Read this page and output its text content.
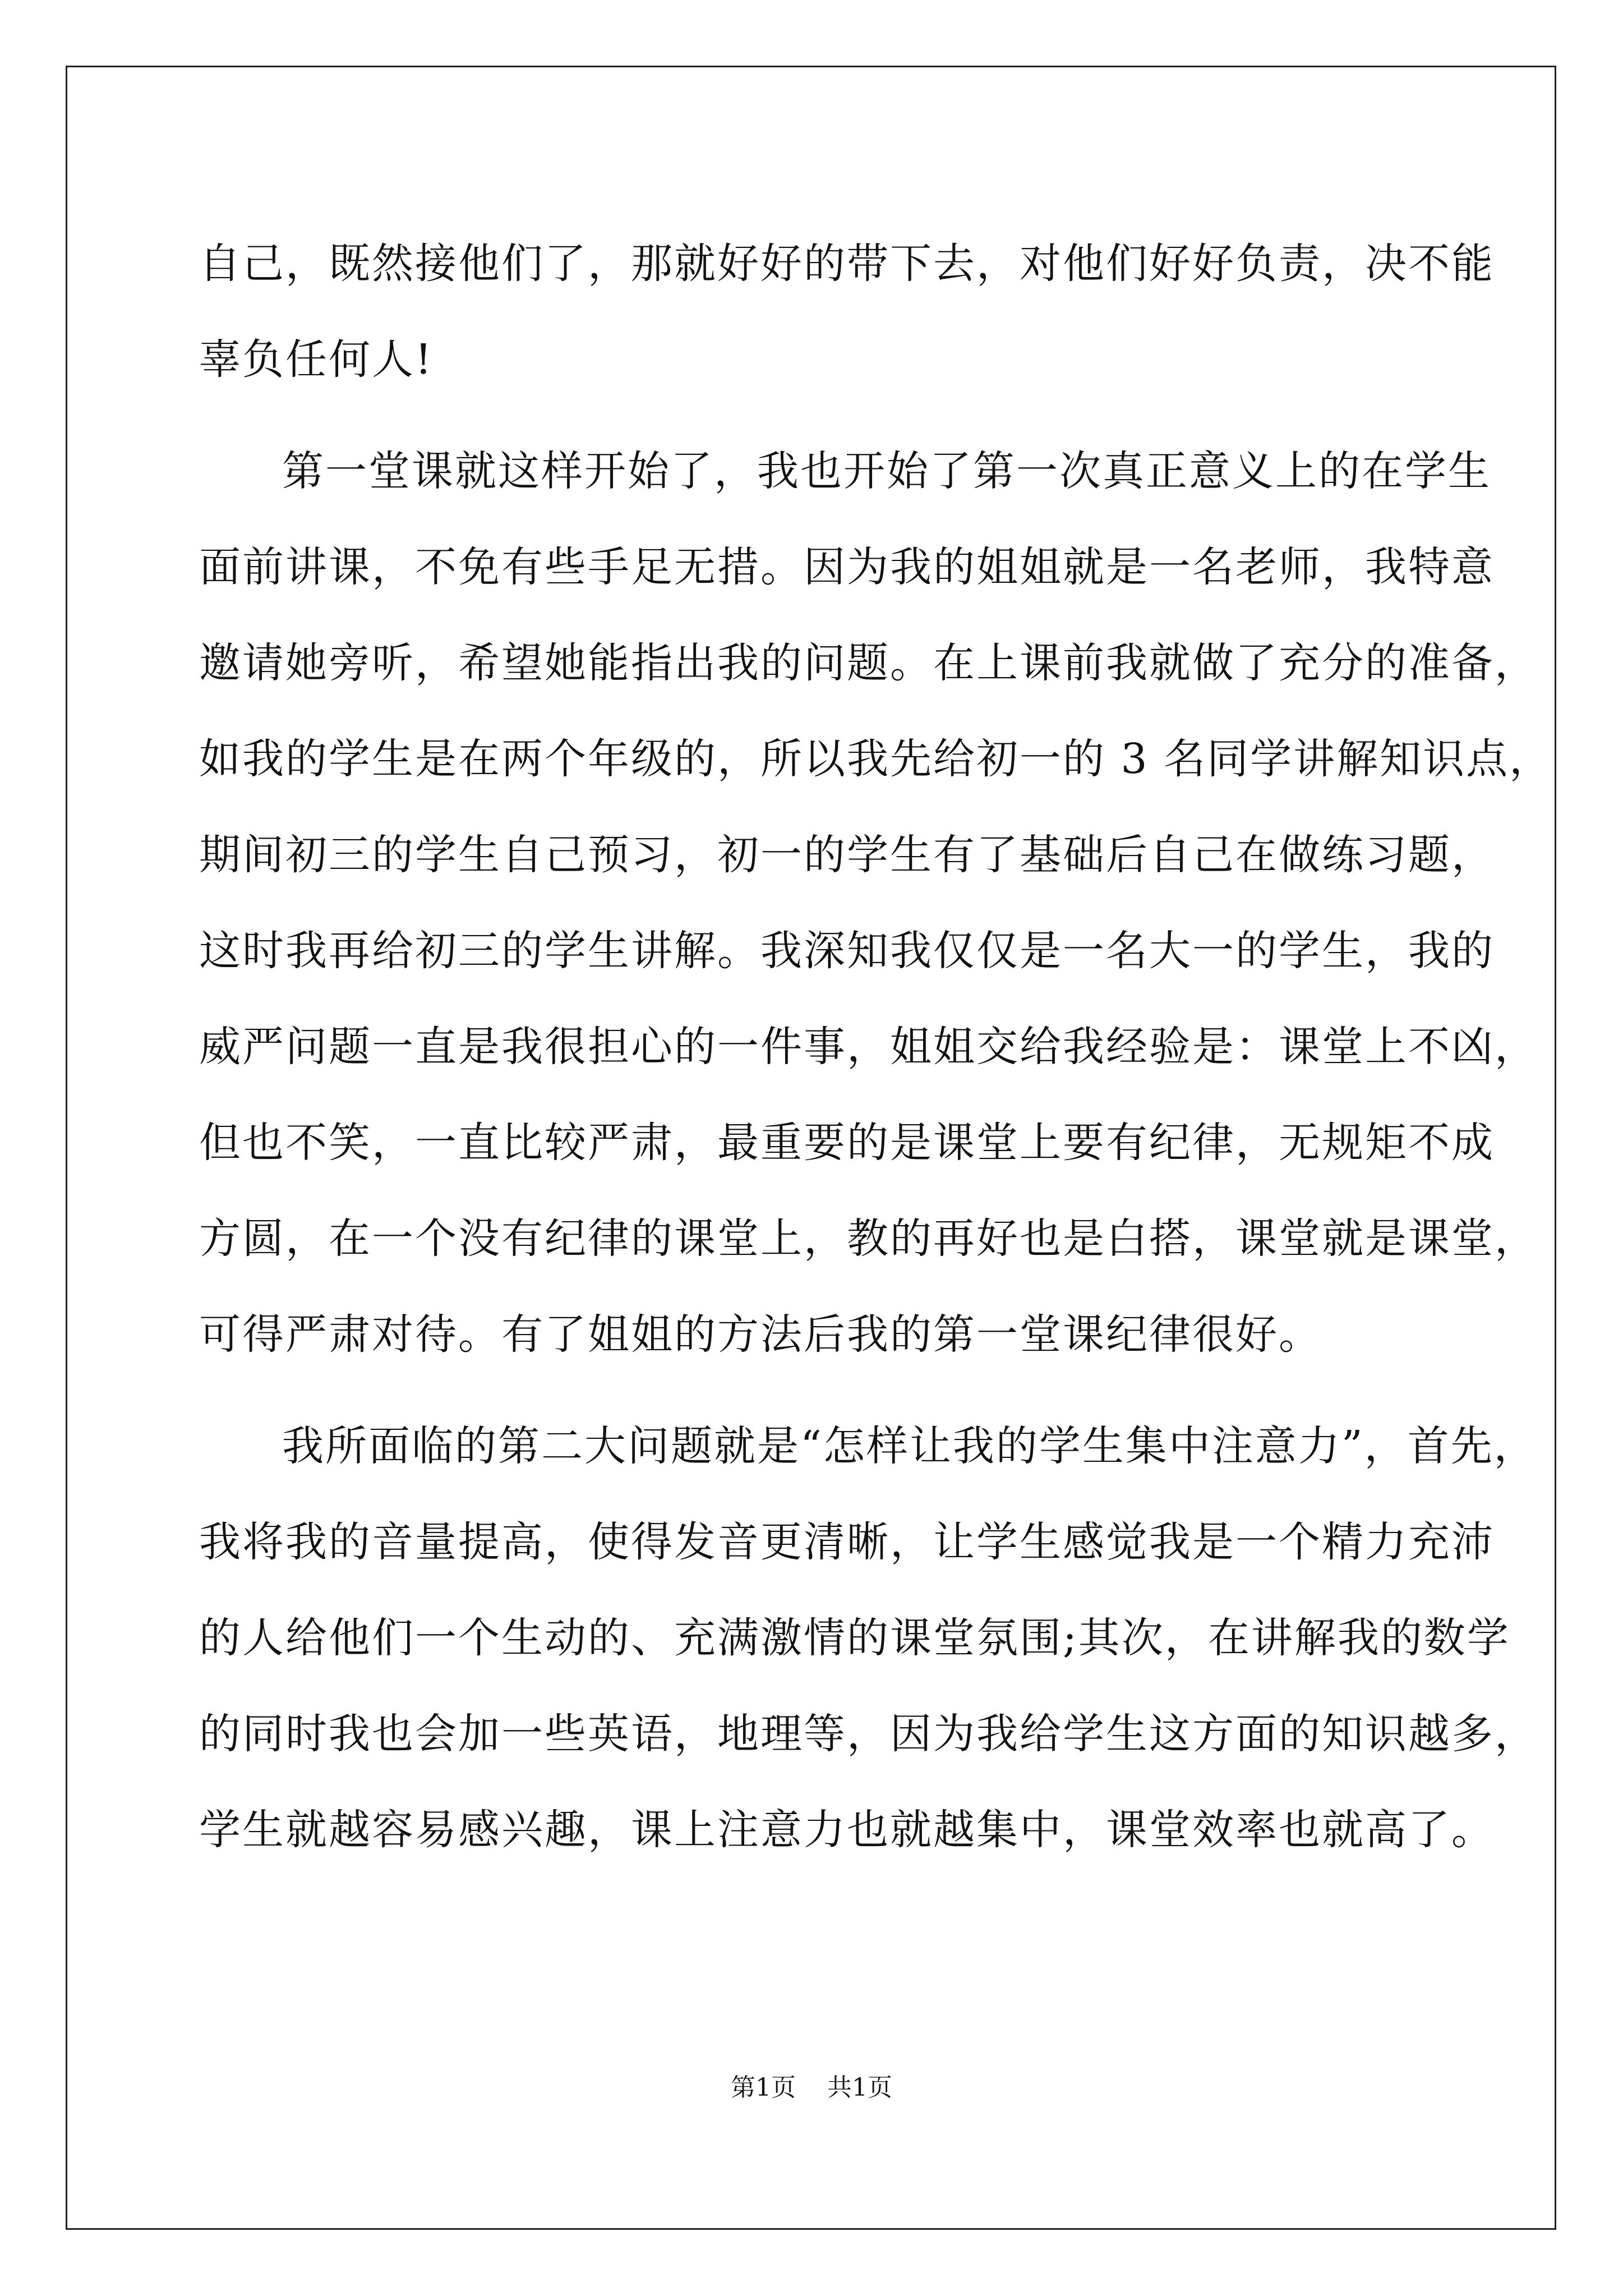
自己，既然接他们了，那就好好的带下去，对他们好好负责，决不能
辜负任何人!
第一堂课就这样开始了，我也开始了第一次真正意义上的在学生
面前讲课，不免有些手足无措。因为我的姐姐就是一名老师，我特意
邀请她旁听，希望她能指出我的问题。在上课前我就做了充分的准备，
如我的学生是在两个年级的，所以我先给初一的 3 名同学讲解知识点，
期间初三的学生自己预习，初一的学生有了基础后自己在做练习题，
这时我再给初三的学生讲解。我深知我仅仅是一名大一的学生，我的
威严问题一直是我很担心的一件事，姐姐交给我经验是：课堂上不凶，
但也不笑，一直比较严肃，最重要的是课堂上要有纪律，无规矩不成
方圆，在一个没有纪律的课堂上，教的再好也是白搭，课堂就是课堂，
可得严肃对待。有了姐姐的方法后我的第一堂课纪律很好。
我所面临的第二大问题就是“怎样让我的学生集中注意力”，首先，
我将我的音量提高，使得发音更清晰，让学生感觉我是一个精力充沛
的人给他们一个生动的、充满激情的课堂氛围;其次，在讲解我的数学
的同时我也会加一些英语，地理等，因为我给学生这方面的知识越多，
学生就越容易感兴趣，课上注意力也就越集中，课堂效率也就高了。
第1页    共1页
